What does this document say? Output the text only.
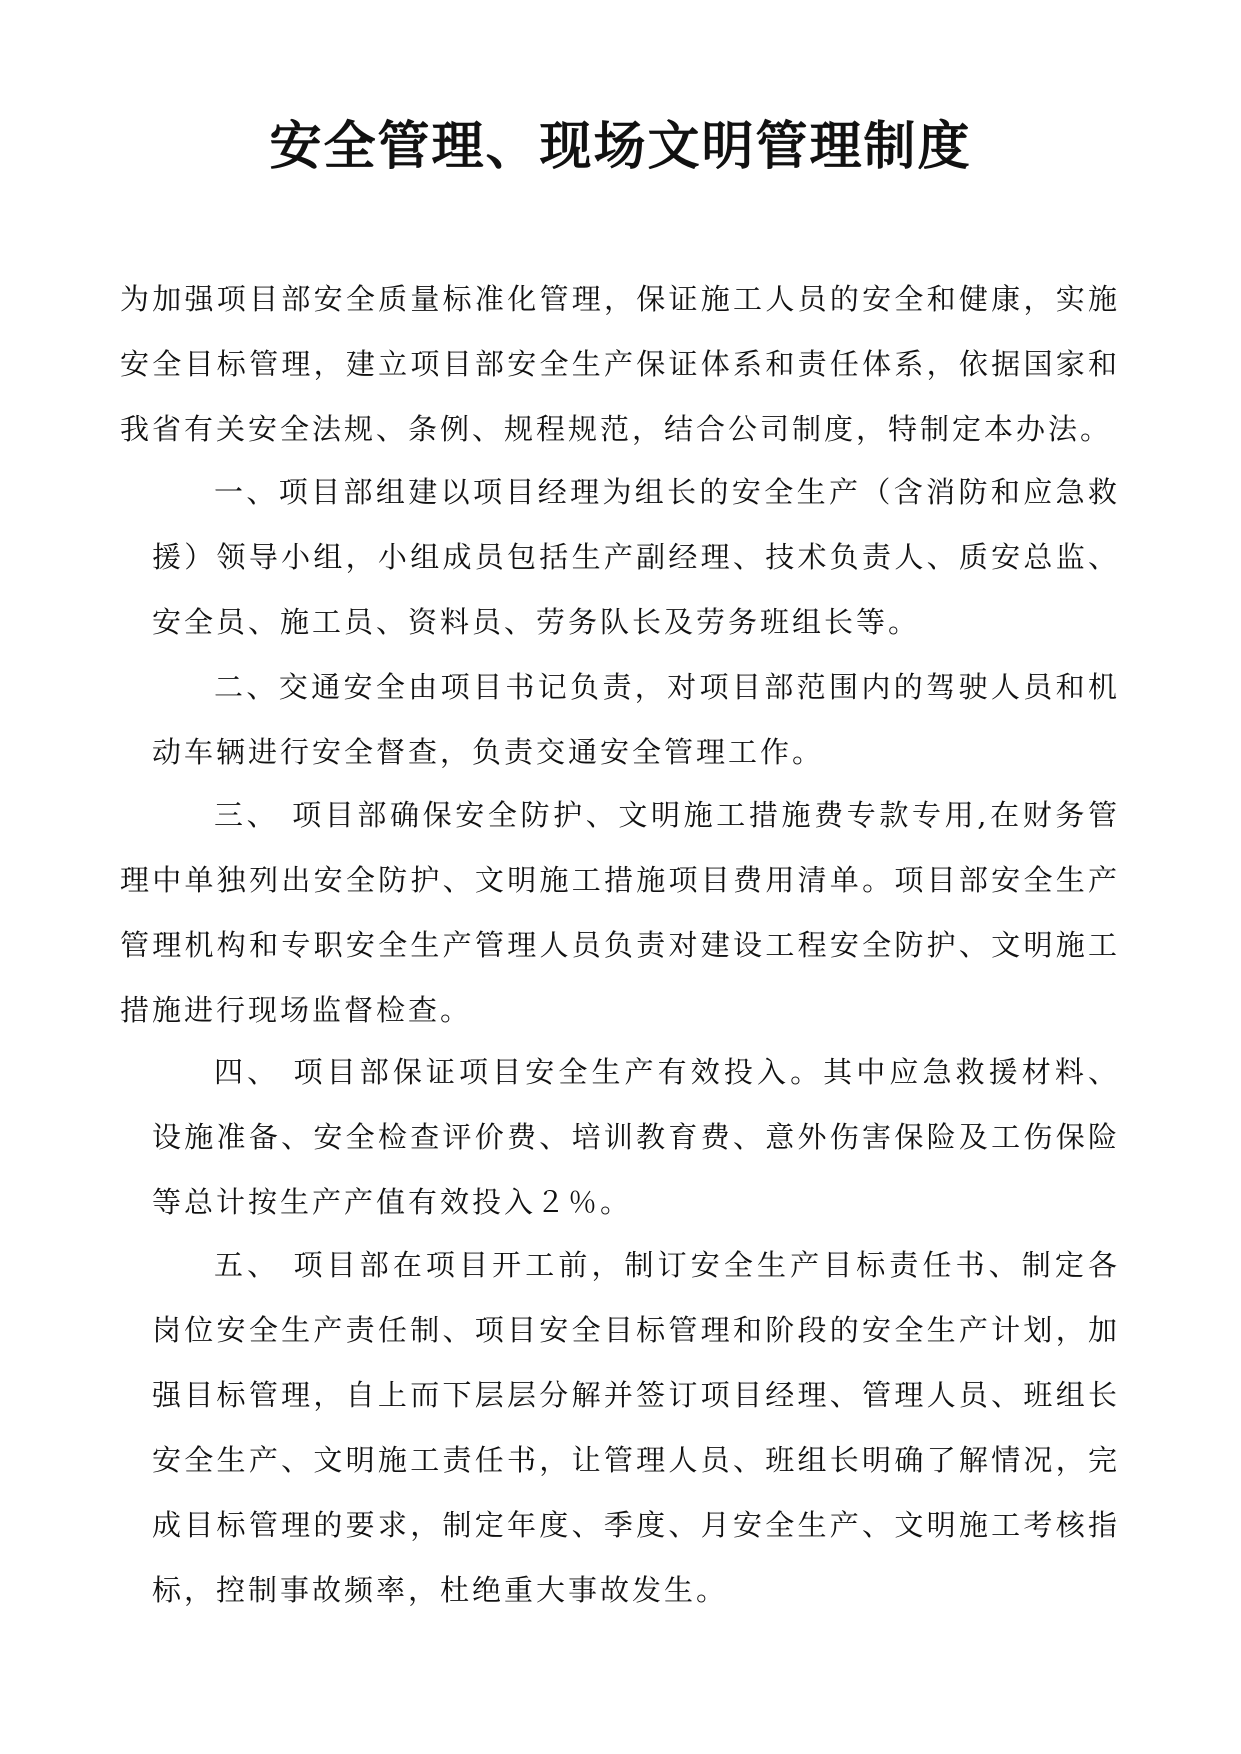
安全管理、现场文明管理制度

为加强项目部安全质量标准化管理，保证施工人员的安全和健康，实施安全目标管理，建立项目部安全生产保证体系和责任体系，依据国家和我省有关安全法规、条例、规程规范，结合公司制度，特制定本办法。

一、项目部组建以项目经理为组长的安全生产（含消防和应急救援）领导小组，小组成员包括生产副经理、技术负责人、质安总监、安全员、施工员、资料员、劳务队长及劳务班组长等。

二、交通安全由项目书记负责，对项目部范围内的驾驶人员和机动车辆进行安全督查，负责交通安全管理工作。

三、 项目部确保安全防护、文明施工措施费专款专用,在财务管理中单独列出安全防护、文明施工措施项目费用清单。项目部安全生产管理机构和专职安全生产管理人员负责对建设工程安全防护、文明施工措施进行现场监督检查。

四、 项目部保证项目安全生产有效投入。其中应急救援材料、设施准备、安全检查评价费、培训教育费、意外伤害保险及工伤保险等总计按生产产值有效投入２％。

五、 项目部在项目开工前，制订安全生产目标责任书、制定各岗位安全生产责任制、项目安全目标管理和阶段的安全生产计划，加强目标管理，自上而下层层分解并签订项目经理、管理人员、班组长安全生产、文明施工责任书，让管理人员、班组长明确了解情况，完成目标管理的要求，制定年度、季度、月安全生产、文明施工考核指标，控制事故频率，杜绝重大事故发生。
